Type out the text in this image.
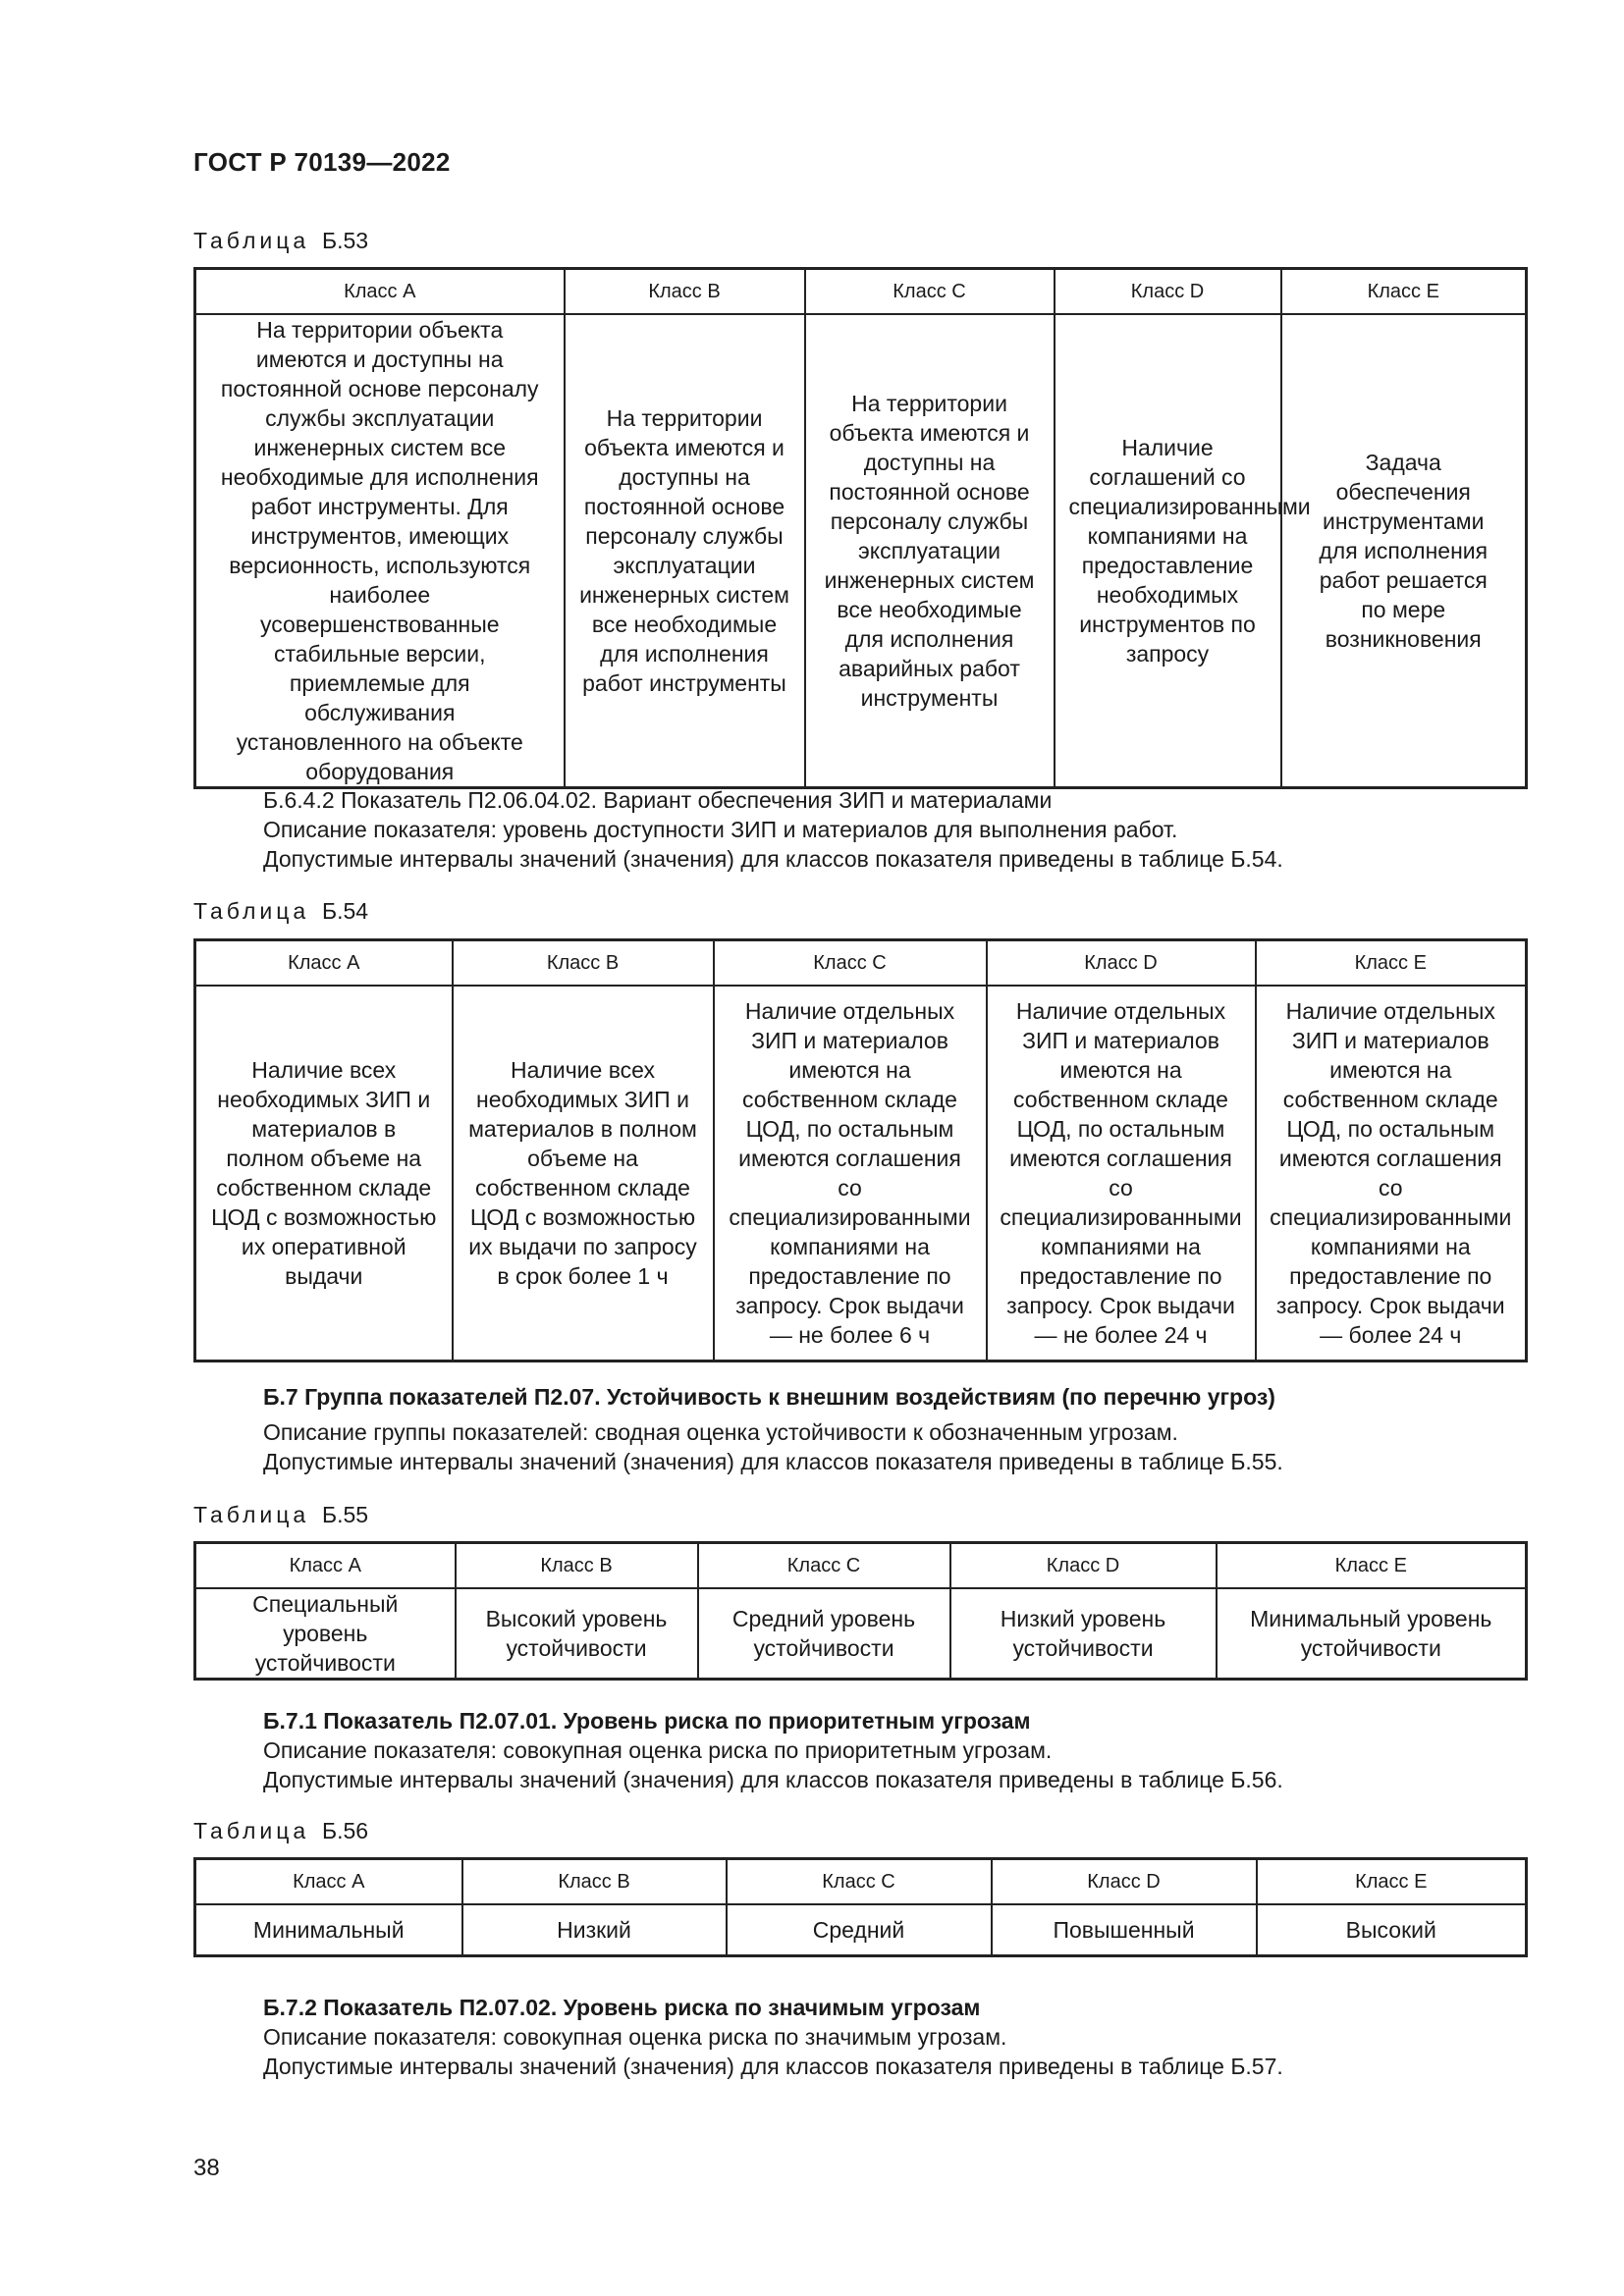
ГОСТ Р 70139—2022
Таблица Б.53
Класс A	Класс B	Класс C	Класс D	Класс E
На территории объекта имеются и доступны на постоянной основе персоналу службы эксплуатации инженерных систем все необходимые для исполнения работ инструменты. Для инструментов, имеющих версионность, используются наиболее усовершенствованные стабильные версии, приемлемые для обслуживания установленного на объекте оборудования	На территории объекта имеются и доступны на постоянной основе персоналу службы эксплуатации инженерных систем все необходимые для исполнения работ инструменты	На территории объекта имеются и доступны на постоянной основе персоналу службы эксплуатации инженерных систем все необходимые для исполнения аварийных работ инструменты	Наличие соглашений со специализированными компаниями на предоставление необходимых инструментов по запросу	Задача обеспечения инструментами для исполнения работ решается по мере возникновения
Б.6.4.2 Показатель П2.06.04.02. Вариант обеспечения ЗИП и материалами
Описание показателя: уровень доступности ЗИП и материалов для выполнения работ.
Допустимые интервалы значений (значения) для классов показателя приведены в таблице Б.54.
Таблица Б.54
Класс A	Класс B	Класс C	Класс D	Класс E
Наличие всех необходимых ЗИП и материалов в полном объеме на собственном складе ЦОД с возможностью их оперативной выдачи	Наличие всех необходимых ЗИП и материалов в полном объеме на собственном складе ЦОД с возможностью их выдачи по запросу в срок более 1 ч	Наличие отдельных ЗИП и материалов имеются на собственном складе ЦОД, по остальным имеются соглашения со специализированными компаниями на предоставление по запросу. Срок выдачи — не более 6 ч	Наличие отдельных ЗИП и материалов имеются на собственном складе ЦОД, по остальным имеются соглашения со специализированными компаниями на предоставление по запросу. Срок выдачи — не более 24 ч	Наличие отдельных ЗИП и материалов имеются на собственном складе ЦОД, по остальным имеются соглашения со специализированными компаниями на предоставление по запросу. Срок выдачи — более 24 ч
Б.7 Группа показателей П2.07. Устойчивость к внешним воздействиям (по перечню угроз)
Описание группы показателей: сводная оценка устойчивости к обозначенным угрозам.
Допустимые интервалы значений (значения) для классов показателя приведены в таблице Б.55.
Таблица Б.55
Класс A	Класс B	Класс C	Класс D	Класс E
Специальный уровень устойчивости	Высокий уровень устойчивости	Средний уровень устойчивости	Низкий уровень устойчивости	Минимальный уровень устойчивости
Б.7.1 Показатель П2.07.01. Уровень риска по приоритетным угрозам
Описание показателя: совокупная оценка риска по приоритетным угрозам.
Допустимые интервалы значений (значения) для классов показателя приведены в таблице Б.56.
Таблица Б.56
Класс A	Класс B	Класс C	Класс D	Класс E
Минимальный	Низкий	Средний	Повышенный	Высокий
Б.7.2 Показатель П2.07.02. Уровень риска по значимым угрозам
Описание показателя: совокупная оценка риска по значимым угрозам.
Допустимые интервалы значений (значения) для классов показателя приведены в таблице Б.57.
38
